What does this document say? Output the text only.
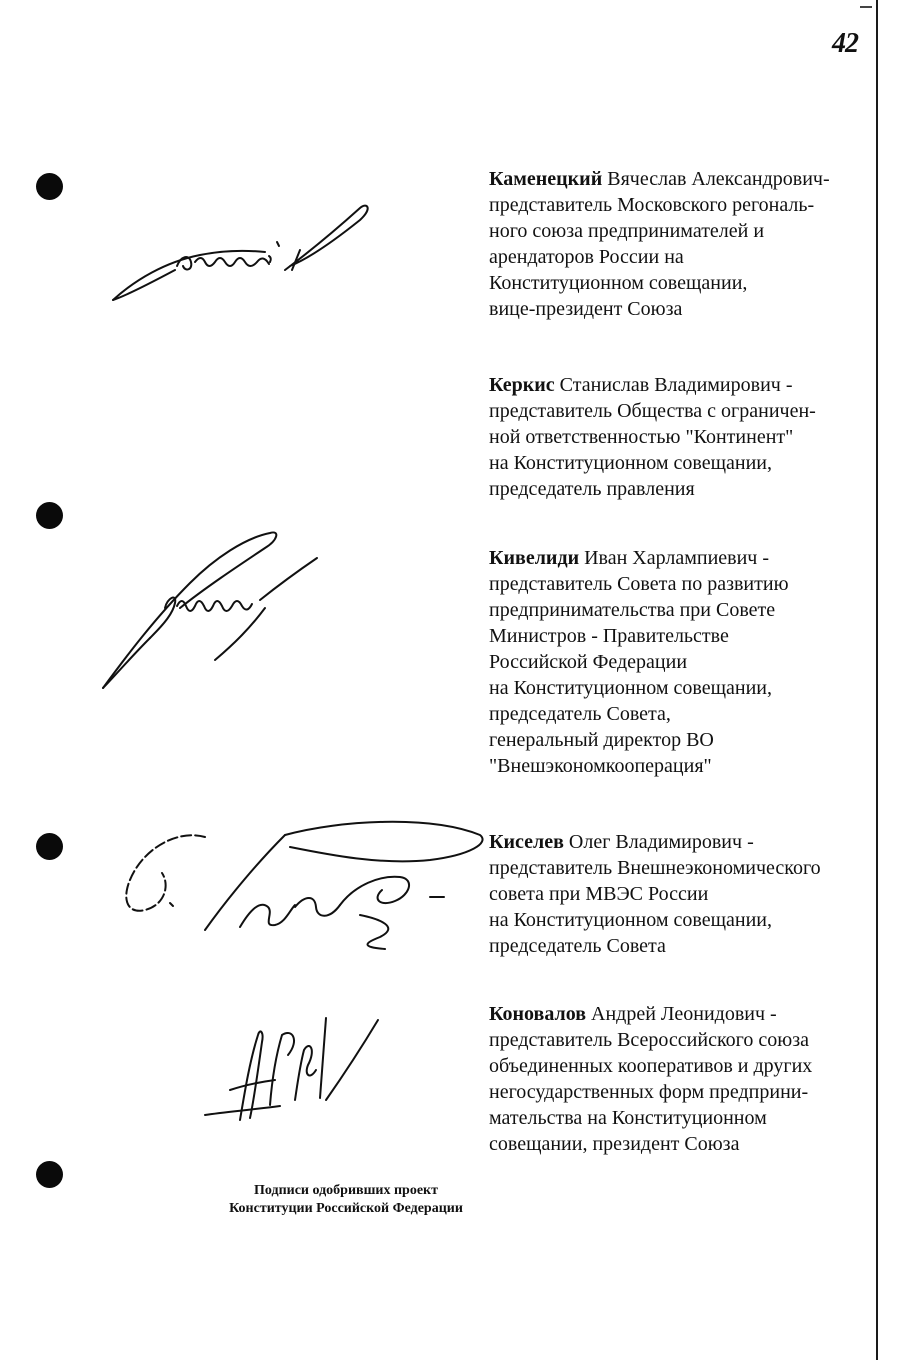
42
Каменецкий Вячеслав Александрович-
представитель Московского регональ-
ного союза предпринимателей и
арендаторов России на
Конституционном совещании,
вице-президент Союза
Керкис Станислав Владимирович -
представитель Общества с ограничен-
ной ответственностью "Континент"
на Конституционном совещании,
председатель правления
Кивелиди Иван Харлампиевич -
представитель Совета по развитию
предпринимательства при Совете
Министров - Правительстве
Российской Федерации
на Конституционном совещании,
председатель Совета,
генеральный директор ВО
"Внешэкономкооперация"
Киселев Олег Владимирович -
представитель Внешнеэкономического
совета при МВЭС России
на Конституционном совещании,
председатель Совета
Коновалов Андрей Леонидович -
представитель Всероссийского союза
объединенных кооперативов и других
негосударственных форм предприни-
мательства на Конституционном
совещании, президент Союза
Подписи одобривших проект
Конституции Российской Федерации
